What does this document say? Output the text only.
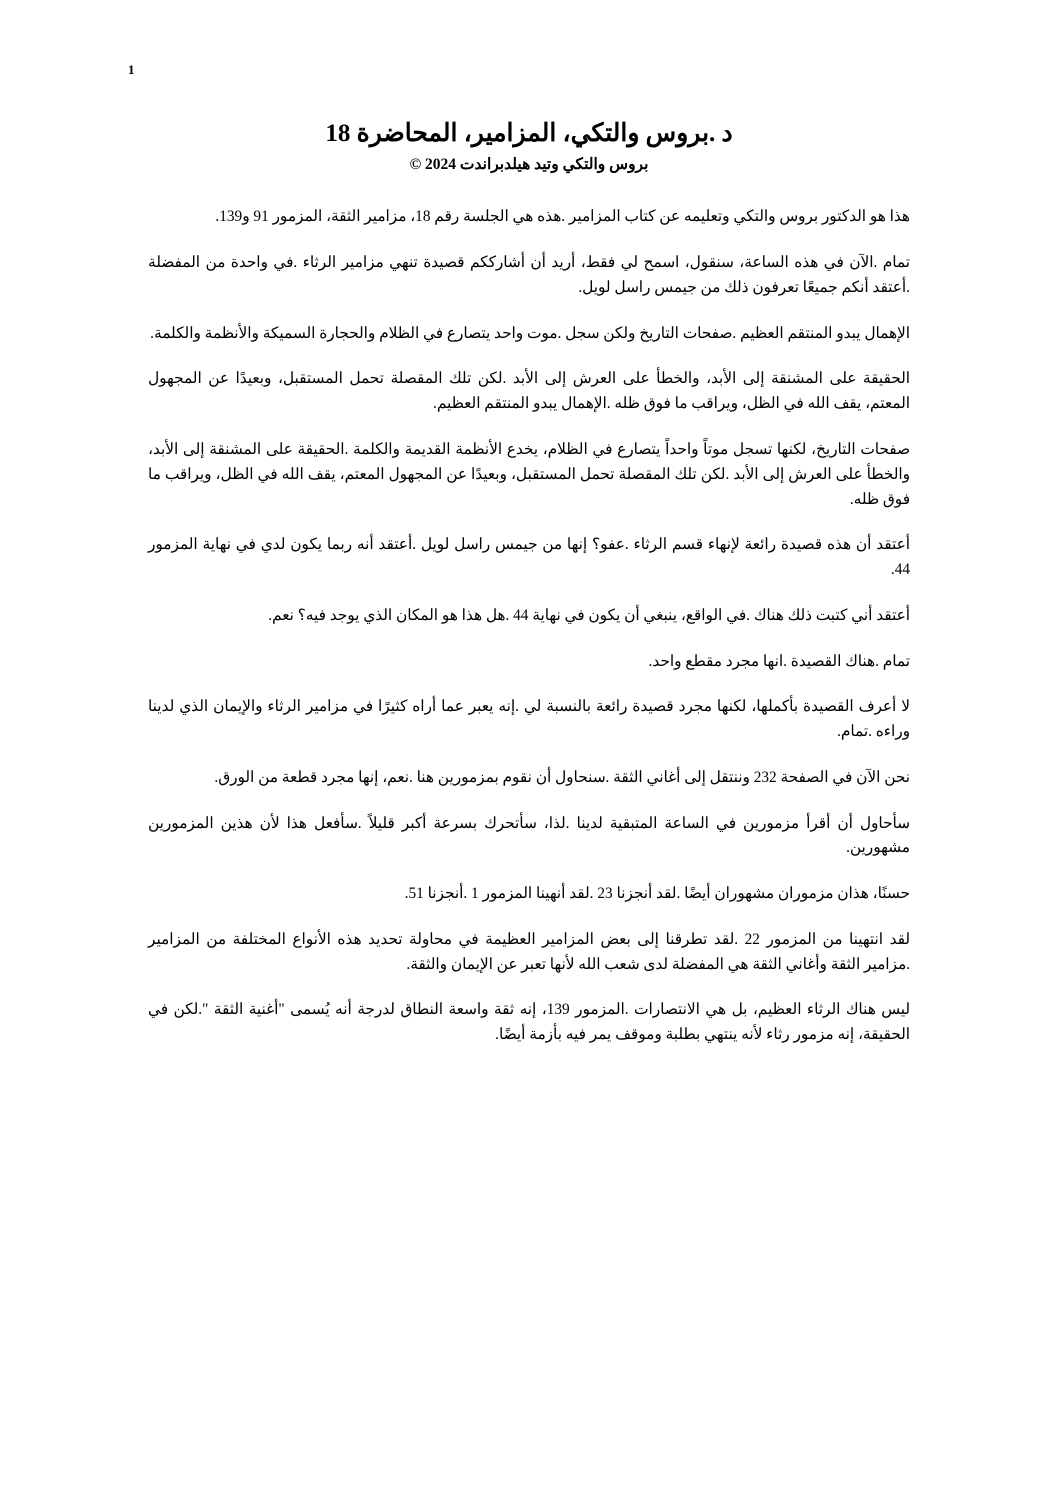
1
د .بروس والتكي، المزامير، المحاضرة 18
بروس والتكي وتيد هيلدبراندت 2024 ©

هذا هو الدكتور بروس والتكي وتعليمه عن كتاب المزامير .هذه هي الجلسة رقم 18، مزامير الثقة، المزمور 91 و139.

تمام .الآن في هذه الساعة، سنقول، اسمح لي فقط، أريد أن أشارككم قصيدة تنهي مزامير الرثاء .في واحدة من المفضلة .أعتقد أنكم جميعًا تعرفون ذلك من جيمس راسل لويل.

الإهمال يبدو المنتقم العظيم .صفحات التاريخ ولكن سجل .موت واحد يتصارع في الظلام والحجارة السميكة والأنظمة والكلمة.

الحقيقة على المشنقة إلى الأبد، والخطأ على العرش إلى الأبد .لكن تلك المقصلة تحمل المستقبل، وبعيدًا عن المجهول المعتم، يقف الله في الظل، ويراقب ما فوق ظله .الإهمال يبدو المنتقم العظيم.

صفحات التاريخ، لكنها تسجل موتاً واحداً يتصارع في الظلام، يخدع الأنظمة القديمة والكلمة .الحقيقة على المشنقة إلى الأبد، والخطأ على العرش إلى الأبد .لكن تلك المقصلة تحمل المستقبل، وبعيدًا عن المجهول المعتم، يقف الله في الظل، ويراقب ما فوق ظله.

أعتقد أن هذه قصيدة رائعة لإنهاء قسم الرثاء .عفو؟ إنها من جيمس راسل لويل .أعتقد أنه ربما يكون لدي في نهاية المزمور 44.

أعتقد أني كتبت ذلك هناك .في الواقع، ينبغي أن يكون في نهاية 44 .هل هذا هو المكان الذي يوجد فيه؟ نعم.

تمام .هناك القصيدة .انها مجرد مقطع واحد.

لا أعرف القصيدة بأكملها، لكنها مجرد قصيدة رائعة بالنسبة لي .إنه يعبر عما أراه كثيرًا في مزامير الرثاء والإيمان الذي لدينا وراءه .تمام.

نحن الآن في الصفحة 232 وننتقل إلى أغاني الثقة .سنحاول أن نقوم بمزمورين هنا .نعم، إنها مجرد قطعة من الورق.

سأحاول أن أقرأ مزمورين في الساعة المتبقية لدينا .لذا، سأتحرك بسرعة أكبر قليلاً .سأفعل هذا لأن هذين المزمورين مشهورين.

حسنًا، هذان مزموران مشهوران أيضًا .لقد أنجزنا 23 .لقد أنهينا المزمور 1 .أنجزنا 51.

لقد انتهينا من المزمور 22 .لقد تطرقنا إلى بعض المزامير العظيمة في محاولة تحديد هذه الأنواع المختلفة من المزامير .مزامير الثقة وأغاني الثقة هي المفضلة لدى شعب الله لأنها تعبر عن الإيمان والثقة.

ليس هناك الرثاء العظيم، بل هي الانتصارات .المزمور 139، إنه ثقة واسعة النطاق لدرجة أنه يُسمى "أغنية الثقة ".لكن في الحقيقة، إنه مزمور رثاء لأنه ينتهي بطلبة وموقف يمر فيه بأزمة أيضًا.
